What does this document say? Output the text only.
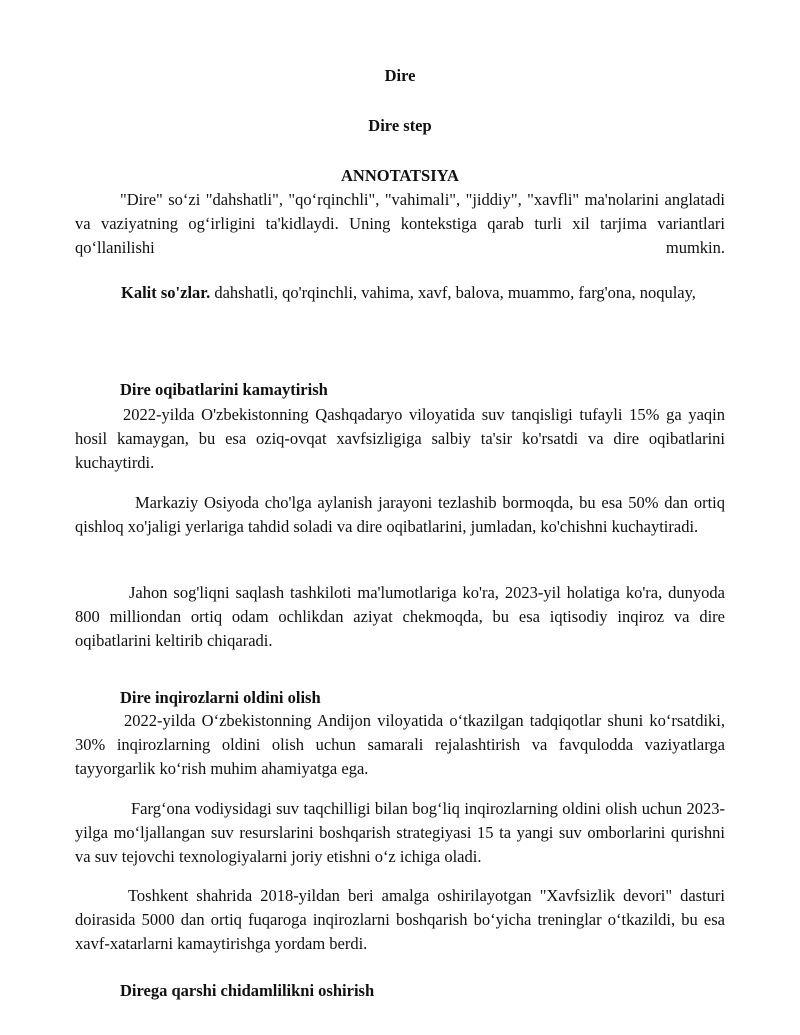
Dire
Dire step
ANNOTATSIYA
"Dire" so‘zi "dahshatli", "qo‘rqinchli", "vahimali", "jiddiy", "xavfli" ma'nolarini anglatadi va vaziyatning og‘irligini ta'kidlaydi. Uning kontekstiga qarab turli xil tarjima variantlari qo‘llanilishi mumkin.
Kalit so'zlar. dahshatli, qo'rqinchli, vahima, xavf, balova, muammo, farg'ona, noqulay,
Dire oqibatlarini kamaytirish
2022-yilda O'zbekistonning Qashqadaryo viloyatida suv tanqisligi tufayli 15% ga yaqin hosil kamaygan, bu esa oziq-ovqat xavfsizligiga salbiy ta'sir ko'rsatdi va dire oqibatlarini kuchaytirdi.
Markaziy Osiyoda cho'lga aylanish jarayoni tezlashib bormoqda, bu esa 50% dan ortiq qishloq xo'jaligi yerlariga tahdid soladi va dire oqibatlarini, jumladan, ko'chishni kuchaytiradi.
Jahon sog'liqni saqlash tashkiloti ma'lumotlariga ko'ra, 2023-yil holatiga ko'ra, dunyoda 800 milliondan ortiq odam ochlikdan aziyat chekmoqda, bu esa iqtisodiy inqiroz va dire oqibatlarini keltirib chiqaradi.
Dire inqirozlarni oldini olish
2022-yilda O‘zbekistonning Andijon viloyatida o‘tkazilgan tadqiqotlar shuni ko‘rsatdiki, 30% inqirozlarning oldini olish uchun samarali rejalashtirish va favqulodda vaziyatlarga tayyorgarlik ko‘rish muhim ahamiyatga ega.
Farg‘ona vodiysidagi suv taqchilligi bilan bog‘liq inqirozlarning oldini olish uchun 2023-yilga mo‘ljallangan suv resurslarini boshqarish strategiyasi 15 ta yangi suv omborlarini qurishni va suv tejovchi texnologiyalarni joriy etishni o‘z ichiga oladi.
Toshkent shahrida 2018-yildan beri amalga oshirilayotgan "Xavfsizlik devori" dasturi doirasida 5000 dan ortiq fuqaroga inqirozlarni boshqarish bo‘yicha treninglar o‘tkazildi, bu esa xavf-xatarlarni kamaytirishga yordam berdi.
Direga qarshi chidamlilikni oshirish
